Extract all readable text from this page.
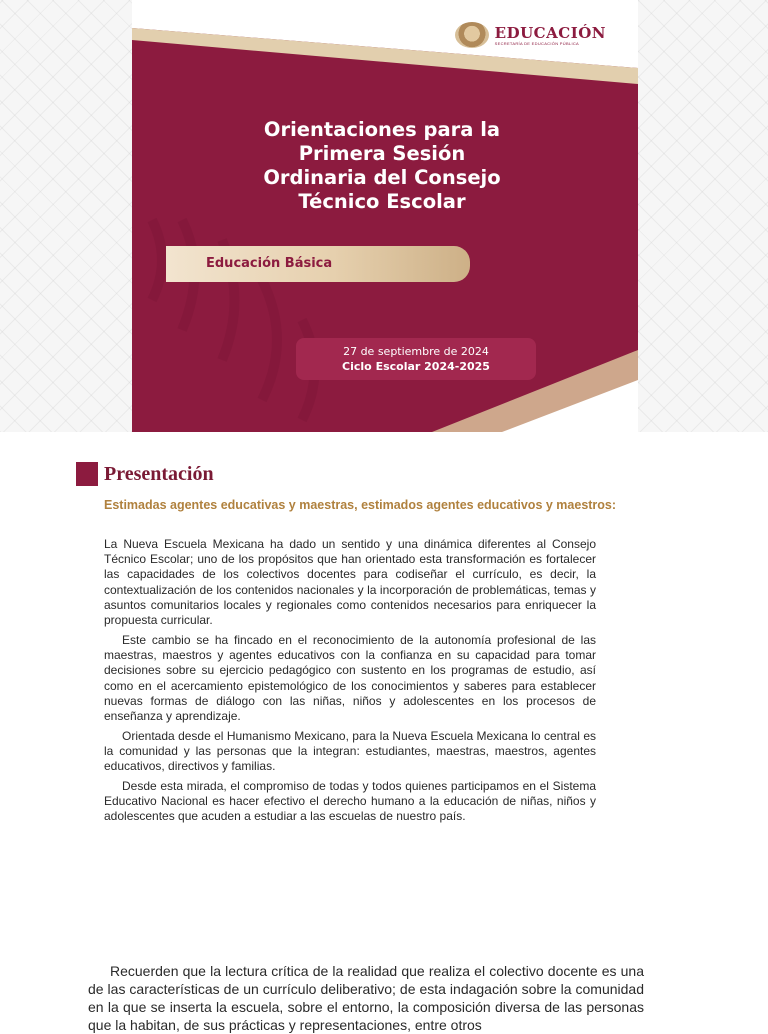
EDUCACIÓN
SECRETARÍA DE EDUCACIÓN PÚBLICA
Orientaciones para la
Primera Sesión
Ordinaria del Consejo
Técnico Escolar
Educación Básica
27 de septiembre de 2024
Ciclo Escolar 2024-2025
Presentación

Estimadas agentes educativas y maestras, estimados agentes educativos y maestros:

La Nueva Escuela Mexicana ha dado un sentido y una dinámica diferentes al Consejo Técnico Escolar; uno de los propósitos que han orientado esta transformación es fortalecer las capacidades de los colectivos docentes para codiseñar el currículo, es decir, la contextualización de los contenidos nacionales y la incorporación de problemáticas, temas y asuntos comunitarios locales y regionales como contenidos necesarios para enriquecer la propuesta curricular.

Este cambio se ha fincado en el reconocimiento de la autonomía profesional de las maestras, maestros y agentes educativos con la confianza en su capacidad para tomar decisiones sobre su ejercicio pedagógico con sustento en los programas de estudio, así como en el acercamiento epistemológico de los conocimientos y saberes para establecer nuevas formas de diálogo con las niñas, niños y adolescentes en los procesos de enseñanza y aprendizaje.

Orientada desde el Humanismo Mexicano, para la Nueva Escuela Mexicana lo central es la comunidad y las personas que la integran: estudiantes, maestras, maestros, agentes educativos, directivos y familias.

Desde esta mirada, el compromiso de todas y todos quienes participamos en el Sistema Educativo Nacional es hacer efectivo el derecho humano a la educación de niñas, niños y adolescentes que acuden a estudiar a las escuelas de nuestro país.

Recuerden que la lectura crítica de la realidad que realiza el colectivo docente es una de las características de un currículo deliberativo; de esta indagación sobre la comunidad en la que se inserta la escuela, sobre el entorno, la composición diversa de las personas que la habitan, de sus prácticas y representaciones, entre otros
